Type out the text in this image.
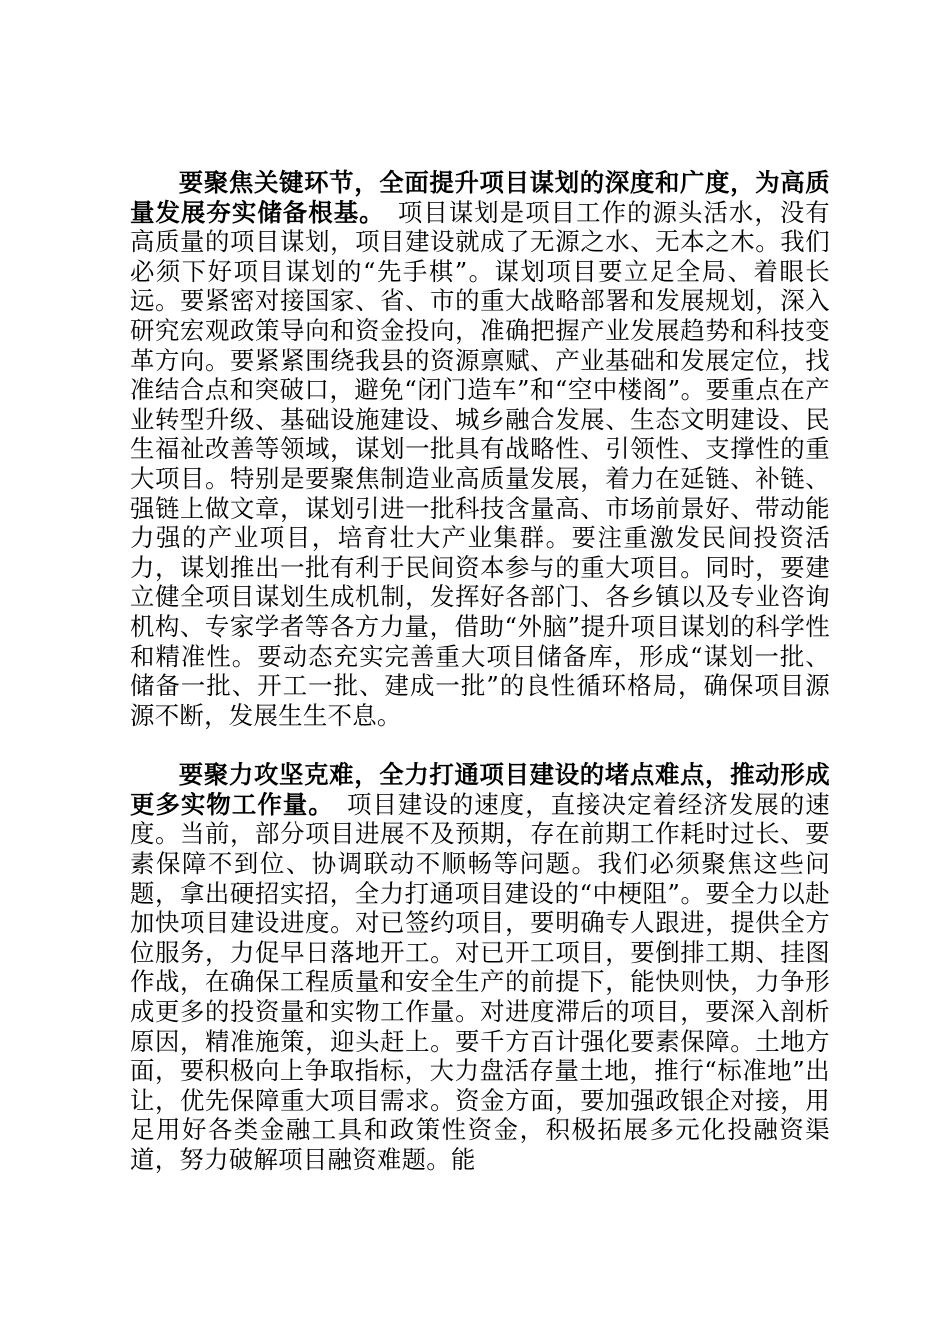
要聚焦关键环节，全面提升项目谋划的深度和广度，为高质量发展夯实储备根基。　项目谋划是项目工作的源头活水，没有高质量的项目谋划，项目建设就成了无源之水、无本之木。我们必须下好项目谋划的“先手棋”。谋划项目要立足全局、着眼长远。要紧密对接国家、省、市的重大战略部署和发展规划，深入研究宏观政策导向和资金投向，准确把握产业发展趋势和科技变革方向。要紧紧围绕我县的资源禀赋、产业基础和发展定位，找准结合点和突破口，避免“闭门造车”和“空中楼阁”。要重点在产业转型升级、基础设施建设、城乡融合发展、生态文明建设、民生福祉改善等领域，谋划一批具有战略性、引领性、支撑性的重大项目。特别是要聚焦制造业高质量发展，着力在延链、补链、强链上做文章，谋划引进一批科技含量高、市场前景好、带动能力强的产业项目，培育壮大产业集群。要注重激发民间投资活力，谋划推出一批有利于民间资本参与的重大项目。同时，要建立健全项目谋划生成机制，发挥好各部门、各乡镇以及专业咨询机构、专家学者等各方力量，借助“外脑”提升项目谋划的科学性和精准性。要动态充实完善重大项目储备库，形成“谋划一批、储备一批、开工一批、建成一批”的良性循环格局，确保项目源源不断，发展生生不息。

要聚力攻坚克难，全力打通项目建设的堵点难点，推动形成更多实物工作量。　项目建设的速度，直接决定着经济发展的速度。当前，部分项目进展不及预期，存在前期工作耗时过长、要素保障不到位、协调联动不顺畅等问题。我们必须聚焦这些问题，拿出硬招实招，全力打通项目建设的“中梗阻”。要全力以赴加快项目建设进度。对已签约项目，要明确专人跟进，提供全方位服务，力促早日落地开工。对已开工项目，要倒排工期、挂图作战，在确保工程质量和安全生产的前提下，能快则快，力争形成更多的投资量和实物工作量。对进度滞后的项目，要深入剖析原因，精准施策，迎头赶上。要千方百计强化要素保障。土地方面，要积极向上争取指标，大力盘活存量土地，推行“标准地”出让，优先保障重大项目需求。资金方面，要加强政银企对接，用足用好各类金融工具和政策性资金，积极拓展多元化投融资渠道，努力破解项目融资难题。能
